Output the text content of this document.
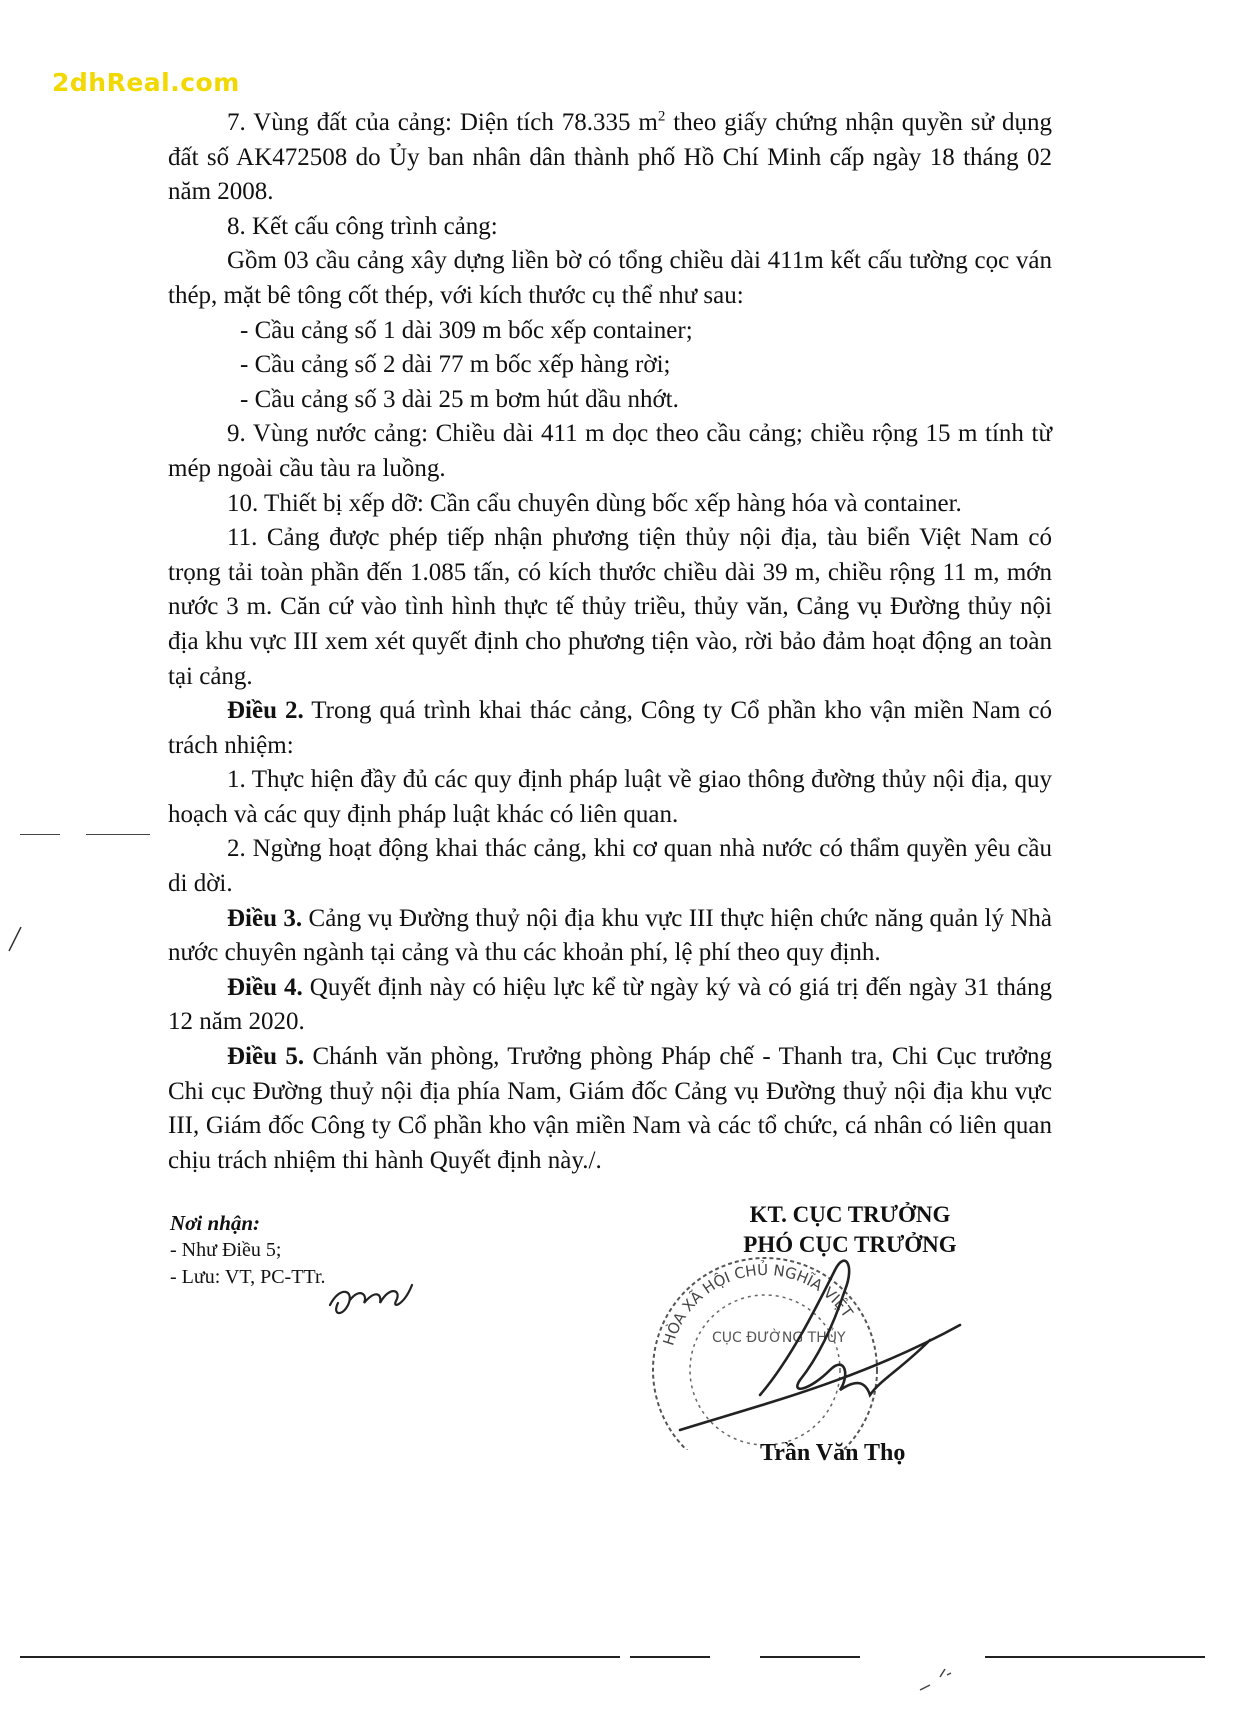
2dhReal.com

7. Vùng đất của cảng: Diện tích 78.335 $m^2$ theo giấy chứng nhận quyền sử dụng đất số AK472508 do Ủy ban nhân dân thành phố Hồ Chí Minh cấp ngày 18 tháng 02 năm 2008.

8. Kết cấu công trình cảng:

Gồm 03 cầu cảng xây dựng liền bờ có tổng chiều dài 411m kết cấu tường cọc ván thép, mặt bê tông cốt thép, với kích thước cụ thể như sau:

- Cầu cảng số 1 dài 309 m bốc xếp container;

- Cầu cảng số 2 dài 77 m bốc xếp hàng rời;

- Cầu cảng số 3 dài 25 m bơm hút dầu nhớt.

9. Vùng nước cảng: Chiều dài 411 m dọc theo cầu cảng; chiều rộng 15 m tính từ mép ngoài cầu tàu ra luồng.

10. Thiết bị xếp dỡ: Cần cẩu chuyên dùng bốc xếp hàng hóa và container.

11. Cảng được phép tiếp nhận phương tiện thủy nội địa, tàu biển Việt Nam có trọng tải toàn phần đến 1.085 tấn, có kích thước chiều dài 39 m, chiều rộng 11 m, mớn nước 3 m. Căn cứ vào tình hình thực tế thủy triều, thủy văn, Cảng vụ Đường thủy nội địa khu vực III xem xét quyết định cho phương tiện vào, rời bảo đảm hoạt động an toàn tại cảng.

Điều 2. Trong quá trình khai thác cảng, Công ty Cổ phần kho vận miền Nam có trách nhiệm:

1. Thực hiện đầy đủ các quy định pháp luật về giao thông đường thủy nội địa, quy hoạch và các quy định pháp luật khác có liên quan.

2. Ngừng hoạt động khai thác cảng, khi cơ quan nhà nước có thẩm quyền yêu cầu di dời.

Điều 3. Cảng vụ Đường thuỷ nội địa khu vực III thực hiện chức năng quản lý Nhà nước chuyên ngành tại cảng và thu các khoản phí, lệ phí theo quy định.

Điều 4. Quyết định này có hiệu lực kể từ ngày ký và có giá trị đến ngày 31 tháng 12 năm 2020.

Điều 5. Chánh văn phòng, Trưởng phòng Pháp chế - Thanh tra, Chi Cục trưởng Chi cục Đường thuỷ nội địa phía Nam, Giám đốc Cảng vụ Đường thuỷ nội địa khu vực III, Giám đốc Công ty Cổ phần kho vận miền Nam và các tổ chức, cá nhân có liên quan chịu trách nhiệm thi hành Quyết định này./.

Nơi nhận:
- Như Điều 5;
- Lưu: VT, PC-TTr.
KT. CỤC TRƯỞNG
PHÓ CỤC TRƯỞNG
HÒA XÃ HỘI CHỦ NGHĨA VIỆT
CỤC ĐƯỜNG THỦY
Trần Văn Thọ
